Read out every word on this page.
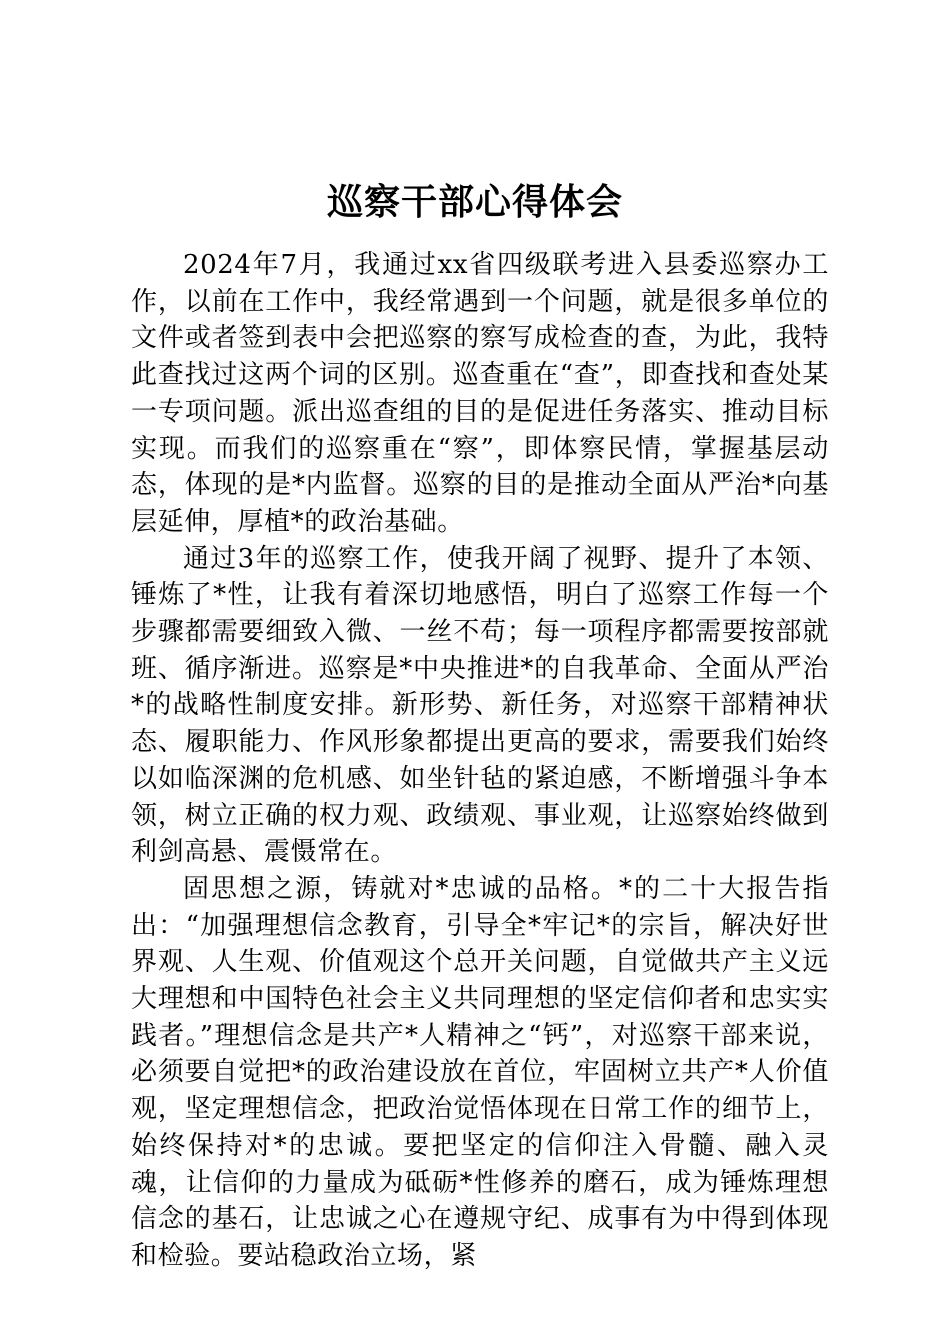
巡察干部心得体会

2024年7月，我通过xx省四级联考进入县委巡察办工作，以前在工作中，我经常遇到一个问题，就是很多单位的文件或者签到表中会把巡察的察写成检查的查，为此，我特此查找过这两个词的区别。巡查重在“查”，即查找和查处某一专项问题。派出巡查组的目的是促进任务落实、推动目标实现。而我们的巡察重在“察”，即体察民情，掌握基层动态，体现的是*内监督。巡察的目的是推动全面从严治*向基层延伸，厚植*的政治基础。

通过3年的巡察工作，使我开阔了视野、提升了本领、锤炼了*性，让我有着深切地感悟，明白了巡察工作每一个步骤都需要细致入微、一丝不苟；每一项程序都需要按部就班、循序渐进。巡察是*中央推进*的自我革命、全面从严治*的战略性制度安排。新形势、新任务，对巡察干部精神状态、履职能力、作风形象都提出更高的要求，需要我们始终以如临深渊的危机感、如坐针毡的紧迫感，不断增强斗争本领，树立正确的权力观、政绩观、事业观，让巡察始终做到利剑高悬、震慑常在。

固思想之源，铸就对*忠诚的品格。*的二十大报告指出：“加强理想信念教育，引导全*牢记*的宗旨，解决好世界观、人生观、价值观这个总开关问题，自觉做共产主义远大理想和中国特色社会主义共同理想的坚定信仰者和忠实实践者。”理想信念是共产*人精神之“钙”，对巡察干部来说，必须要自觉把*的政治建设放在首位，牢固树立共产*人价值观，坚定理想信念，把政治觉悟体现在日常工作的细节上，始终保持对*的忠诚。要把坚定的信仰注入骨髓、融入灵魂，让信仰的力量成为砥砺*性修养的磨石，成为锤炼理想信念的基石，让忠诚之心在遵规守纪、成事有为中得到体现和检验。要站稳政治立场，紧
